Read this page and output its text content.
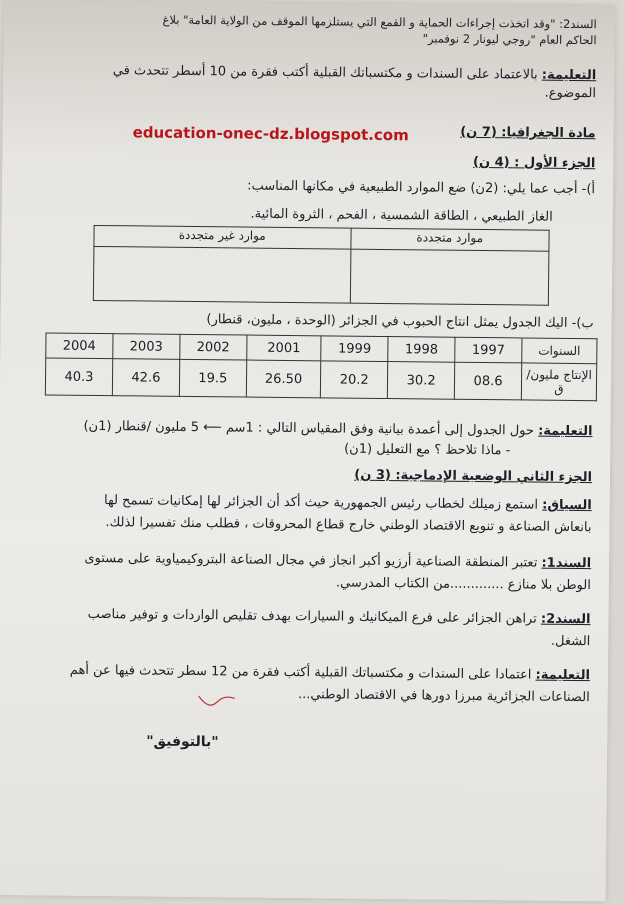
السند2: "وقد اتخذت إجراءات الحماية و القمع التي يستلزمها الموقف من الولاية العامة" بلاغ
الحاكم العام "روجي ليونار 2 نوفمبر"
التعليمة: بالاعتماد على السندات و مكتسباتك القبلية أكتب فقرة من 10 أسطر تتحدث في
الموضوع.
education-onec-dz.blogspot.com	مادة الجغرافيا: (7 ن)
الجزء الأول : (4 ن)
أ)- أجب عما يلي: (2ن) ضع الموارد الطبيعية في مكانها المناسب:
الغاز الطبيعي ، الطاقة الشمسية ، الفحم ، الثروة المائية.
موارد متجددة	موارد غير متجددة

ب)- اليك الجدول يمثل انتاج الحبوب في الجزائر (الوحدة ، مليون، قنطار)
السنوات	1997	1998	1999	2001	2002	2003	2004
الإنتاج مليون/ ق	08.6	30.2	20.2	26.50	19.5	42.6	40.3
التعليمة: حول الجدول إلى أعمدة بيانية وفق المقياس التالي : 1سم ⟵ 5 مليون /قنطار (1ن)
- ماذا تلاحظ ؟ مع التعليل (1ن)
الجزء الثاني الوضعية الإدماجية: (3 ن)
السياق: استمع زميلك لخطاب رئيس الجمهورية حيث أكد أن الجزائر لها إمكانيات تسمح لها
بانعاش الصناعة و تنويع الاقتصاد الوطني خارج قطاع المحروقات ، فطلب منك تفسيرا لذلك.
السند1: تعتبر المنطقة الصناعية أرزيو أكبر انجاز في مجال الصناعة البتروكيمياوية على مستوى
الوطن بلا منازع .............من الكتاب المدرسي.
السند2: تراهن الجزائر على فرع الميكانيك و السيارات بهدف تقليص الواردات و توفير مناصب
الشغل.
التعليمة: اعتمادا على السندات و مكتسباتك القبلية أكتب فقرة من 12 سطر تتحدث فيها عن أهم
الصناعات الجزائرية مبرزا دورها في الاقتصاد الوطني...
"بالتوفيق"
